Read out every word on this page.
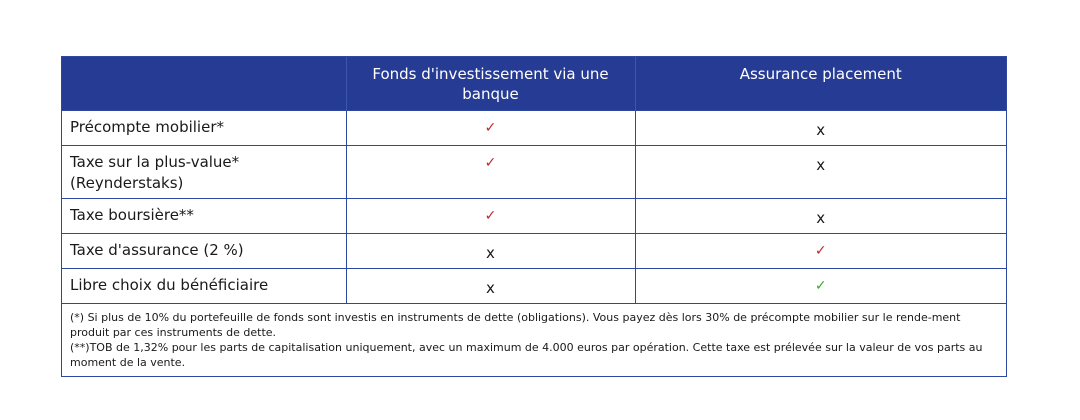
	Fonds d'investissement via une banque	Assurance placement
Précompte mobilier*	✓	x

Taxe sur la plus-value*
(Reynderstaks)	✓	x
Taxe boursière**	✓	x
Taxe d'assurance (2 %)	x	✓
Libre choix du bénéficiaire	x	✓

(*) Si plus de 10% du portefeuille de fonds sont investis en instruments de dette (obligations). Vous payez dès lors 30% de précompte mobilier sur le rende-ment produit par ces instruments de dette.
(**)TOB de 1,32% pour les parts de capitalisation uniquement, avec un maximum de 4.000 euros par opération. Cette taxe est prélevée sur la valeur de vos parts au moment de la vente.		
